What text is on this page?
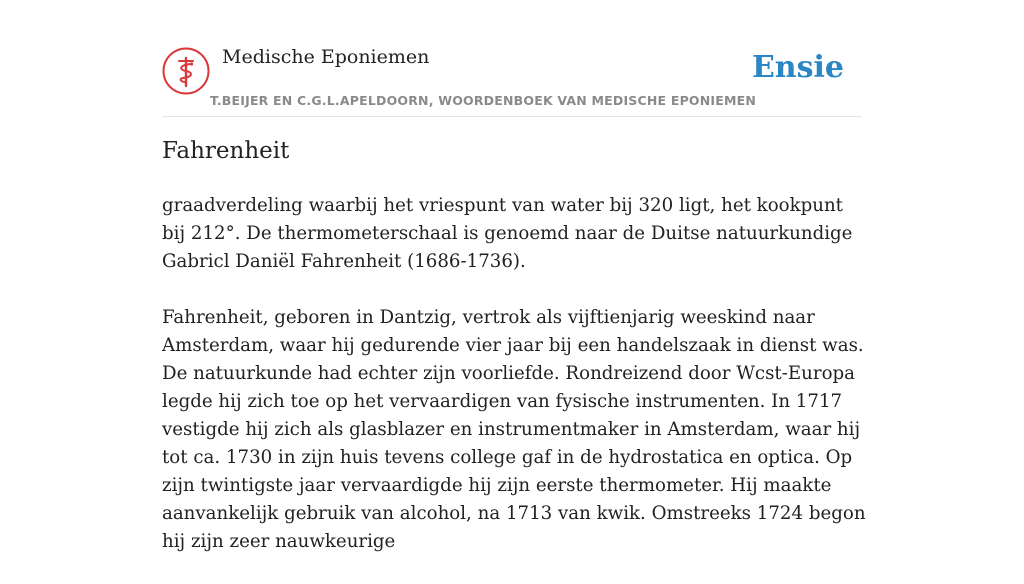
Medische Eponiemen
T.BEIJER EN C.G.L.APELDOORN, WOORDENBOEK VAN MEDISCHE EPONIEMEN
Ensie
Fahrenheit

graadverdeling waarbij het vriespunt van water bij 320 ligt, het kookpunt bij 212°. De thermometerschaal is genoemd naar de Duitse natuurkundige Gabricl Daniël Fahrenheit (1686-1736).

Fahrenheit, geboren in Dantzig, vertrok als vijftienjarig weeskind naar Amsterdam, waar hij gedurende vier jaar bij een handelszaak in dienst was. De natuurkunde had echter zijn voorliefde. Rondreizend door Wcst-Europa legde hij zich toe op het vervaardigen van fysische instrumenten. In 1717 vestigde hij zich als glasblazer en instrumentmaker in Amsterdam, waar hij tot ca. 1730 in zijn huis tevens college gaf in de hydrostatica en optica. Op zijn twintigste jaar vervaardigde hij zijn eerste thermometer. Hij maakte aanvankelijk gebruik van alcohol, na 1713 van kwik. Omstreeks 1724 begon hij zijn zeer nauwkeurige
